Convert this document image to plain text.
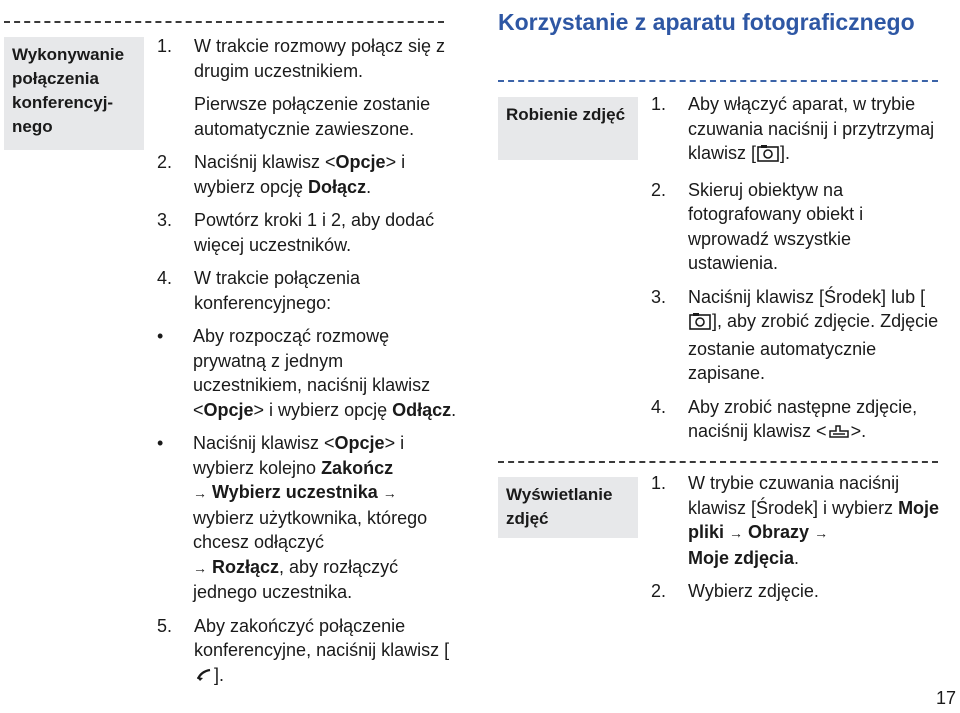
Wykonywanie połączenia konferencyj-nego
1. W trakcie rozmowy połącz się z drugim uczestnikiem.

Pierwsze połączenie zostanie automatycznie zawieszone.

2. Naciśnij klawisz <Opcje> i wybierz opcję Dołącz.

3. Powtórz kroki 1 i 2, aby dodać więcej uczestników.

4. W trakcie połączenia konferencyjnego:

• Aby rozpocząć rozmowę prywatną z jednym uczestnikiem, naciśnij klawisz <Opcje> i wybierz opcję Odłącz.

• Naciśnij klawisz <Opcje> i wybierz kolejno Zakończ
→ Wybierz uczestnika → wybierz użytkownika, którego chcesz odłączyć
→ Rozłącz, aby rozłączyć jednego uczestnika.

5. Aby zakończyć połączenie konferencyjne, naciśnij klawisz [].

Korzystanie z aparatu fotograficznego
Robienie zdjęć
1. Aby włączyć aparat, w trybie czuwania naciśnij i przytrzymaj klawisz [ ].

2. Skieruj obiektyw na fotografowany obiekt i wprowadź wszystkie ustawienia.

3. Naciśnij klawisz [Środek] lub [], aby zrobić zdjęcie. Zdjęcie zostanie automatycznie zapisane.

4. Aby zrobić następne zdjęcie, naciśnij klawisz < >.

Wyświetlanie zdjęć
1. W trybie czuwania naciśnij klawisz [Środek] i wybierz Moje pliki → Obrazy →
Moje zdjęcia.

2. Wybierz zdjęcie.

17
